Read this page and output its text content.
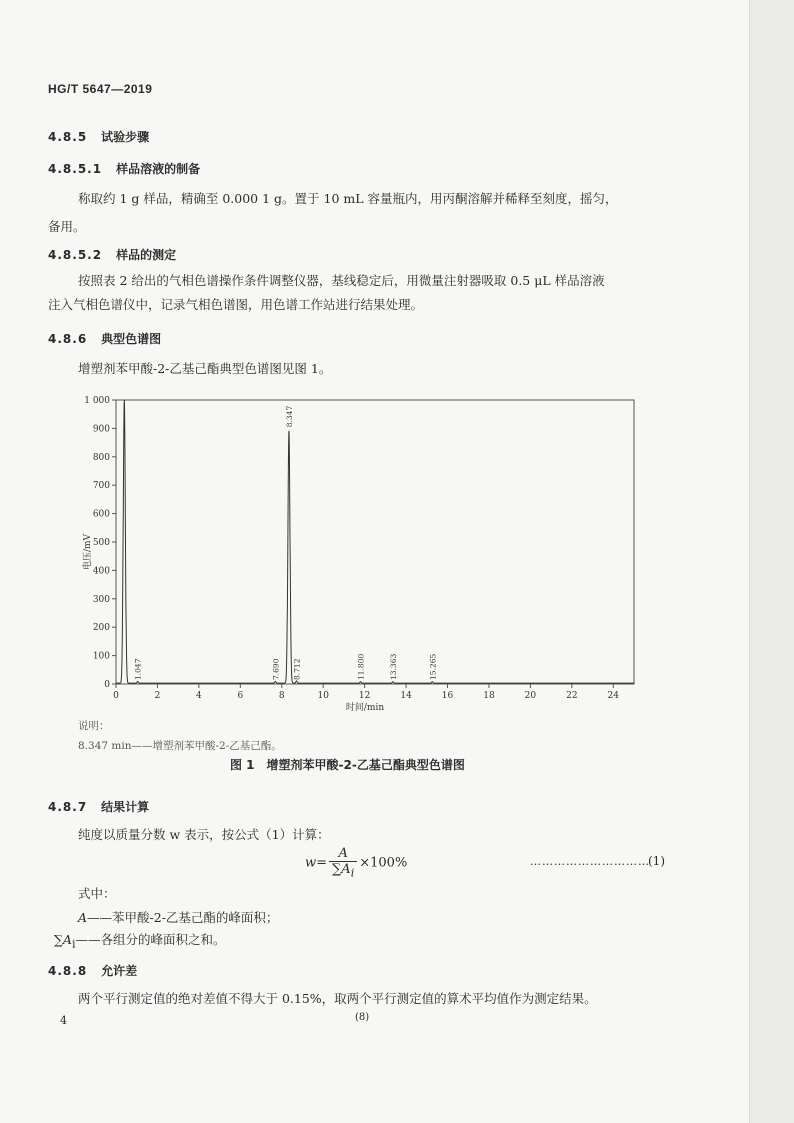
HG/T 5647—2019
4.8.5 试验步骤
4.8.5.1 样品溶液的制备
称取约 1 g 样品，精确至 0.000 1 g。置于 10 mL 容量瓶内，用丙酮溶解并稀释至刻度，摇匀，
备用。
4.8.5.2 样品的测定
按照表 2 给出的气相色谱操作条件调整仪器，基线稳定后，用微量注射器吸取 0.5 μL 样品溶液
注入气相色谱仪中，记录气相色谱图，用色谱工作站进行结果处理。
4.8.6 典型色谱图
增塑剂苯甲酸-2-乙基己酯典型色谱图见图 1。
0
100
200
300
400
500
600
700
800
900
1 000
0	2	4	6	8	10	12	14	16	18	20	22	24
时间/min
电压/mV
1.047	7.690
8.347
8.712	11.800	13.363	15.265
说明：
8.347 min——增塑剂苯甲酸-2-乙基己酯。
图 1 增塑剂苯甲酸-2-乙基己酯典型色谱图
4.8.7 结果计算
纯度以质量分数 w 表示，按公式（1）计算：
$w= \frac{A}{\sum A_i} \times 100\%$	…………………………
(1)
式中：
A——苯甲酸-2-乙基己酯的峰面积；
$\sum A_i——$各组分的峰面积之和。
4.8.8 允许差
两个平行测定值的绝对差值不得大于 0.15%，取两个平行测定值的算术平均值作为测定结果。
4	(8)
